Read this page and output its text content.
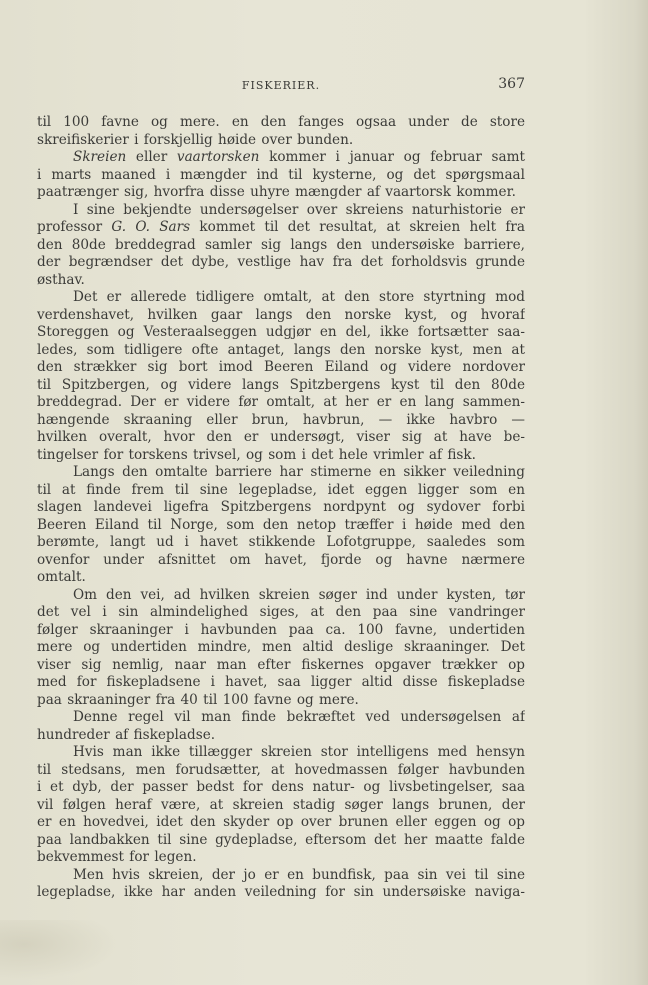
FISKERIER.	367
til 100 favne og mere. en den fanges ogsaa under de store
skreifiskerier i forskjellig høide over bunden.
Skreien eller vaartorsken kommer i januar og februar samt
i marts maaned i mængder ind til kysterne, og det spørgsmaal
paatrænger sig, hvorfra disse uhyre mængder af vaartorsk kommer.
I sine bekjendte undersøgelser over skreiens naturhistorie er
professor G. O. Sars kommet til det resultat, at skreien helt fra
den 80de breddegrad samler sig langs den undersøiske barriere,
der begrændser det dybe, vestlige hav fra det forholdsvis grunde
østhav.
Det er allerede tidligere omtalt, at den store styrtning mod
verdenshavet, hvilken gaar langs den norske kyst, og hvoraf
Storeggen og Vesteraalseggen udgjør en del, ikke fortsætter saa-
ledes, som tidligere ofte antaget, langs den norske kyst, men at
den strækker sig bort imod Beeren Eiland og videre nordover
til Spitzbergen, og videre langs Spitzbergens kyst til den 80de
breddegrad. Der er videre før omtalt, at her er en lang sammen-
hængende skraaning eller brun, havbrun, — ikke havbro —
hvilken overalt, hvor den er undersøgt, viser sig at have be-
tingelser for torskens trivsel, og som i det hele vrimler af fisk.
Langs den omtalte barriere har stimerne en sikker veiledning
til at finde frem til sine legepladse, idet eggen ligger som en
slagen landevei ligefra Spitzbergens nordpynt og sydover forbi
Beeren Eiland til Norge, som den netop træffer i høide med den
berømte, langt ud i havet stikkende Lofotgruppe, saaledes som
ovenfor under afsnittet om havet, fjorde og havne nærmere
omtalt.
Om den vei, ad hvilken skreien søger ind under kysten, tør
det vel i sin almindelighed siges, at den paa sine vandringer
følger skraaninger i havbunden paa ca. 100 favne, undertiden
mere og undertiden mindre, men altid deslige skraaninger. Det
viser sig nemlig, naar man efter fiskernes opgaver trækker op
med for fiskepladsene i havet, saa ligger altid disse fiskepladse
paa skraaninger fra 40 til 100 favne og mere.
Denne regel vil man finde bekræftet ved undersøgelsen af
hundreder af fiskepladse.
Hvis man ikke tillægger skreien stor intelligens med hensyn
til stedsans, men forudsætter, at hovedmassen følger havbunden
i et dyb, der passer bedst for dens natur- og livsbetingelser, saa
vil følgen heraf være, at skreien stadig søger langs brunen, der
er en hovedvei, idet den skyder op over brunen eller eggen og op
paa landbakken til sine gydepladse, eftersom det her maatte falde
bekvemmest for legen.
Men hvis skreien, der jo er en bundfisk, paa sin vei til sine
legepladse, ikke har anden veiledning for sin undersøiske naviga-
